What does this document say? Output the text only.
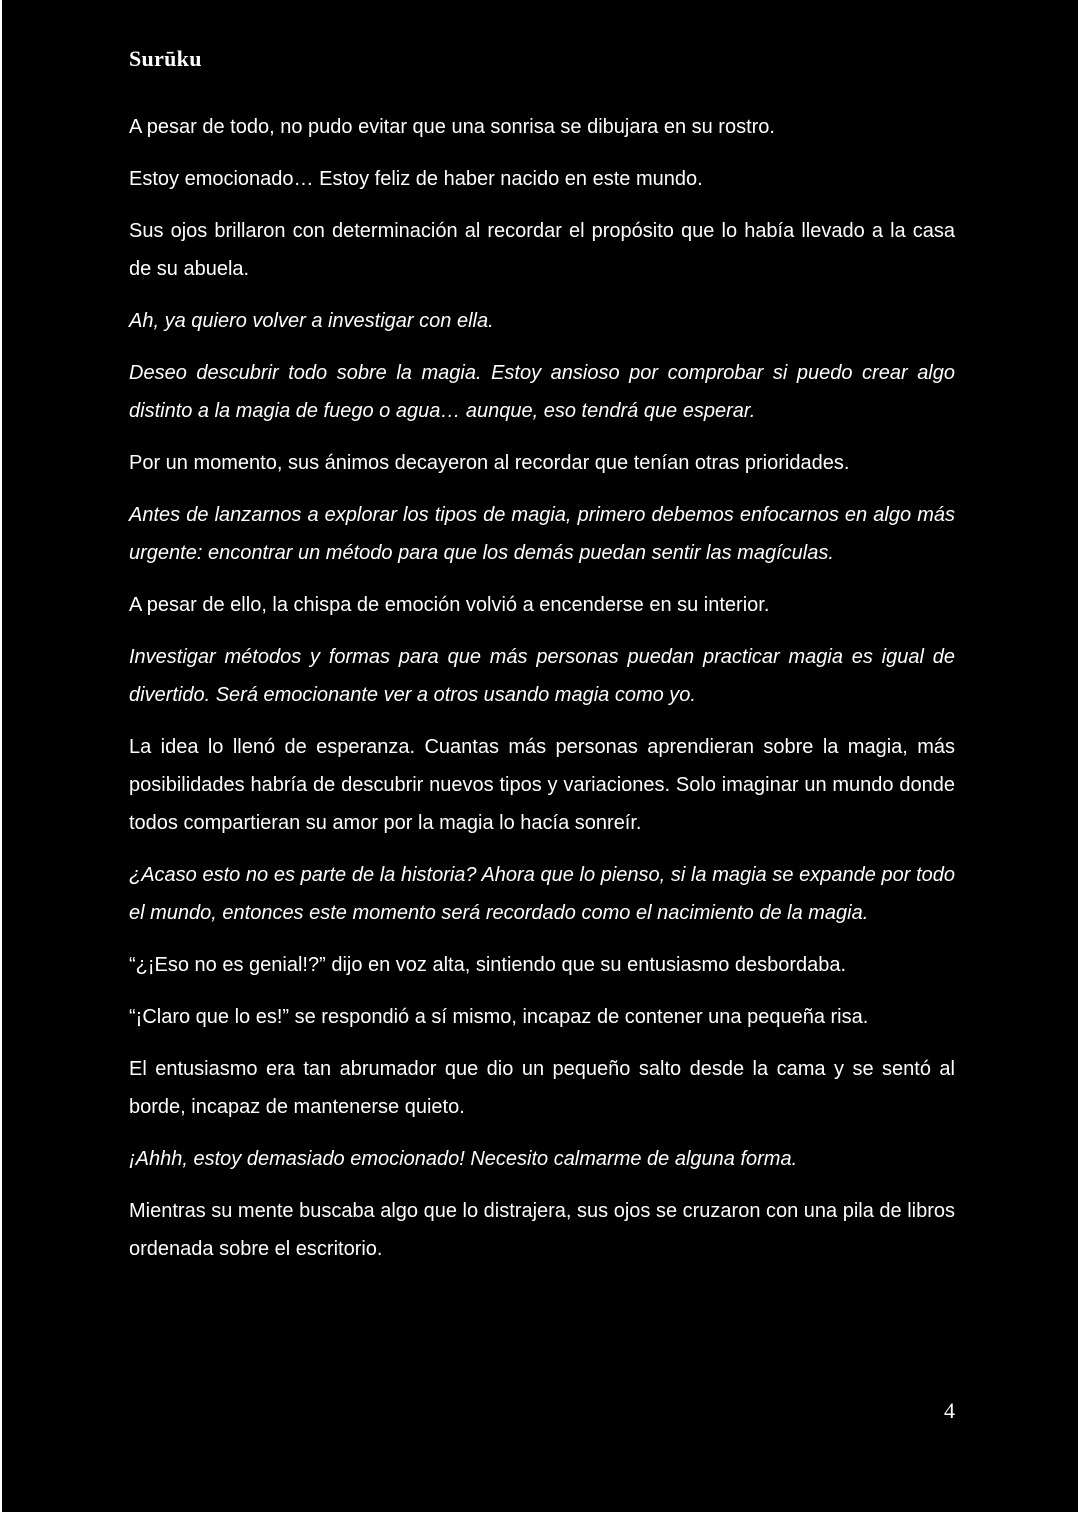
Surūku

A pesar de todo, no pudo evitar que una sonrisa se dibujara en su rostro.

Estoy emocionado… Estoy feliz de haber nacido en este mundo.

Sus ojos brillaron con determinación al recordar el propósito que lo había llevado a la casa de su abuela.

Ah, ya quiero volver a investigar con ella.

Deseo descubrir todo sobre la magia. Estoy ansioso por comprobar si puedo crear algo distinto a la magia de fuego o agua… aunque, eso tendrá que esperar.

Por un momento, sus ánimos decayeron al recordar que tenían otras prioridades.

Antes de lanzarnos a explorar los tipos de magia, primero debemos enfocarnos en algo más urgente: encontrar un método para que los demás puedan sentir las magículas.

A pesar de ello, la chispa de emoción volvió a encenderse en su interior.

Investigar métodos y formas para que más personas puedan practicar magia es igual de divertido. Será emocionante ver a otros usando magia como yo.

La idea lo llenó de esperanza. Cuantas más personas aprendieran sobre la magia, más posibilidades habría de descubrir nuevos tipos y variaciones. Solo imaginar un mundo donde todos compartieran su amor por la magia lo hacía sonreír.

¿Acaso esto no es parte de la historia? Ahora que lo pienso, si la magia se expande por todo el mundo, entonces este momento será recordado como el nacimiento de la magia.

“¿¡Eso no es genial!?” dijo en voz alta, sintiendo que su entusiasmo desbordaba.

“¡Claro que lo es!” se respondió a sí mismo, incapaz de contener una pequeña risa.

El entusiasmo era tan abrumador que dio un pequeño salto desde la cama y se sentó al borde, incapaz de mantenerse quieto.

¡Ahhh, estoy demasiado emocionado! Necesito calmarme de alguna forma.

Mientras su mente buscaba algo que lo distrajera, sus ojos se cruzaron con una pila de libros ordenada sobre el escritorio.

4
